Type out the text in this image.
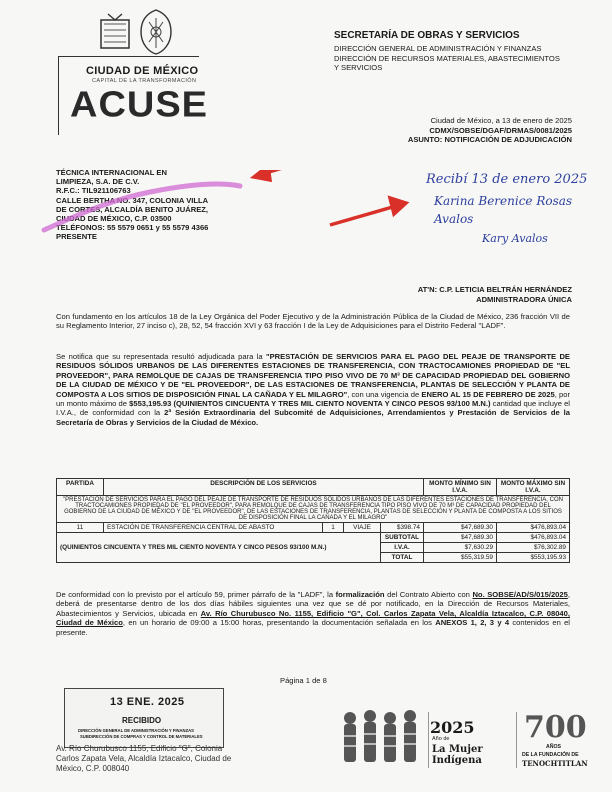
CIUDAD DE MÉXICO
CAPITAL DE LA TRANSFORMACIÓN
ACUSE
SECRETARÍA DE OBRAS Y SERVICIOS
DIRECCIÓN GENERAL DE ADMINISTRACIÓN Y FINANZAS
DIRECCIÓN DE RECURSOS MATERIALES, ABASTECIMIENTOS
Y SERVICIOS
Ciudad de México, a 13 de enero de 2025
CDMX/SOBSE/DGAF/DRMAS/0081/2025
ASUNTO: NOTIFICACIÓN DE ADJUDICACIÓN
TÉCNICA INTERNACIONAL EN
LIMPIEZA, S.A. DE C.V.
R.F.C.: TIL921106763
CALLE BERTHA NO. 347, COLONIA VILLA
DE CORTES, ALCALDÍA BENITO JUÁREZ,
CIUDAD DE MÉXICO, C.P. 03500
TELÉFONOS: 55 5579 0651 y 55 5579 4366
PRESENTE
Recibí 13 de enero 2025
Karina Berenice Rosas
Avalos
Kary Avalos
AT'N: C.P. LETICIA BELTRÁN HERNÁNDEZ
ADMINISTRADORA ÚNICA
Con fundamento en los artículos 18 de la Ley Orgánica del Poder Ejecutivo y de la Administración Pública de la Ciudad de México, 236 fracción VII de su Reglamento Interior, 27 inciso c), 28, 52, 54 fracción XVI y 63 fracción I de la Ley de Adquisiciones para el Distrito Federal "LADF".
Se notifica que su representada resultó adjudicada para la "PRESTACIÓN DE SERVICIOS PARA EL PAGO DEL PEAJE DE TRANSPORTE DE RESIDUOS SÓLIDOS URBANOS DE LAS DIFERENTES ESTACIONES DE TRANSFERENCIA, CON TRACTOCAMIONES PROPIEDAD DE "EL PROVEEDOR", PARA REMOLQUE DE CAJAS DE TRANSFERENCIA TIPO PISO VIVO DE 70 M³ DE CAPACIDAD PROPIEDAD DEL GOBIERNO DE LA CIUDAD DE MÉXICO Y DE "EL PROVEEDOR", DE LAS ESTACIONES DE TRANSFERENCIA, PLANTAS DE SELECCIÓN Y PLANTA DE COMPOSTA A LOS SITIOS DE DISPOSICIÓN FINAL LA CAÑADA Y EL MILAGRO", con una vigencia de ENERO AL 15 DE FEBRERO DE 2025, por un monto máximo de $553,195.93 (QUINIENTOS CINCUENTA Y TRES MIL CIENTO NOVENTA Y CINCO PESOS 93/100 M.N.) cantidad que incluye el I.V.A., de conformidad con la 2ª Sesión Extraordinaria del Subcomité de Adquisiciones, Arrendamientos y Prestación de Servicios de la Secretaría de Obras y Servicios de la Ciudad de México.
PARTIDA	DESCRIPCIÓN DE LOS SERVICIOS				MONTO MÍNIMO SIN I.V.A.	MONTO MÁXIMO SIN I.V.A.
"PRESTACIÓN DE SERVICIOS PARA EL PAGO DEL PEAJE DE TRANSPORTE DE RESIDUOS SÓLIDOS URBANOS DE LAS DIFERENTES ESTACIONES DE TRANSFERENCIA, CON TRACTOCAMIONES PROPIEDAD DE "EL PROVEEDOR", PARA REMOLQUE DE CAJAS DE TRANSFERENCIA TIPO PISO VIVO DE 70 M³ DE CAPACIDAD PROPIEDAD DEL GOBIERNO DE LA CIUDAD DE MÉXICO Y DE "EL PROVEEDOR", DE LAS ESTACIONES DE TRANSFERENCIA, PLANTAS DE SELECCIÓN Y PLANTA DE COMPOSTA A LOS SITIOS DE DISPOSICIÓN FINAL LA CAÑADA Y EL MILAGRO"						
11	ESTACIÓN DE TRANSFERENCIA CENTRAL DE ABASTO	1	VIAJE	$398.74	$47,689.30	$476,893.04
(QUINIENTOS CINCUENTA Y TRES MIL CIENTO NOVENTA Y CINCO PESOS 93/100 M.N.)				SUBTOTAL	$47,689.30	$476,893.04
				I.V.A.	$7,630.29	$76,302.89
				TOTAL	$55,319.59	$553,195.93
De conformidad con lo previsto por el artículo 59, primer párrafo de la "LADF", la formalización del Contrato Abierto con No. SOBSE/AD/S/015/2025, deberá de presentarse dentro de los dos días hábiles siguientes una vez que se dé por notificado, en la Dirección de Recursos Materiales, Abastecimientos y Servicios, ubicada en Av. Río Churubusco No. 1155, Edificio "G", Col. Carlos Zapata Vela, Alcaldía Iztacalco, C.P. 08040, Ciudad de México, en un horario de 09:00 a 15:00 horas, presentando la documentación señalada en los ANEXOS 1, 2, 3 y 4 contenidos en el presente.
Página 1 de 8
13 ENE. 2025
RECIBIDO
DIRECCIÓN GENERAL DE ADMINISTRACIÓN Y FINANZAS
SUBDIRECCIÓN DE COMPRAS Y CONTROL DE MATERIALES
Av. Río Churubusco 1155, Edificio "G", Colonia
Carlos Zapata Vela, Alcaldía Iztacalco, Ciudad de
México, C.P. 008040
2025
Año de
La Mujer
Indígena
700
AÑOS
DE LA FUNDACIÓN DE
TENOCHTITLAN
